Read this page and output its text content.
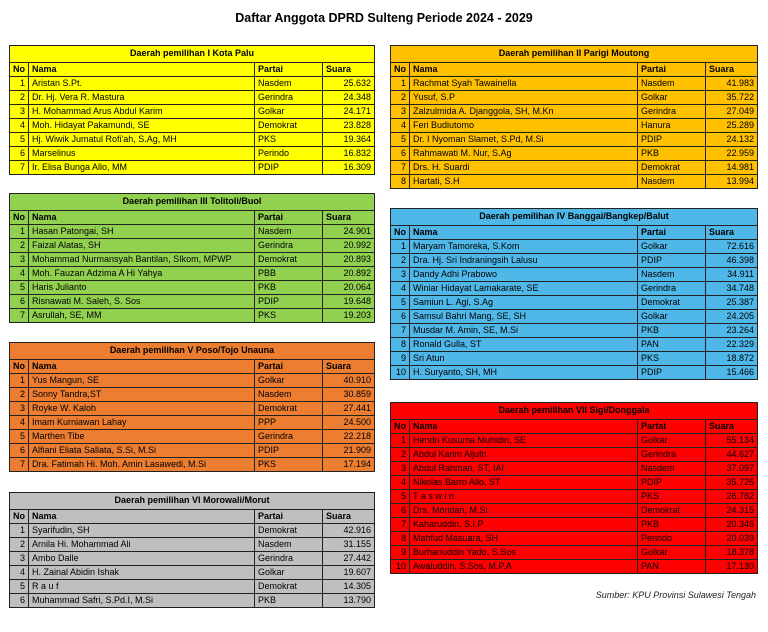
Daftar Anggota DPRD Sulteng Periode 2024 - 2029
Daerah pemilihan I Kota Palu			
No	Nama	Partai	Suara
1	Aristan S.Pt.	Nasdem	25.632
2	Dr. Hj. Vera R. Mastura	Gerindra	24.348
3	H. Mohammad Arus Abdul Karim	Golkar	24.171
4	Moh. Hidayat Pakamundi, SE	Demokrat	23.828
5	Hj. Wiwik Jumatul Rofi'ah, S.Ag, MH	PKS	19.364
6	Marselinus	Perindo	16.832
7	Ir. Elisa Bunga Allo, MM	PDIP	16.309
Daerah pemilihan II Parigi Moutong			
No	Nama	Partai	Suara
1	Rachmat Syah Tawainella	Nasdem	41.983
2	Yusuf, S.P	Golkar	35.722
3	Zalzulmida A. Djanggola, SH, M.Kn	Gerindra	27.049
4	Feri Budiutomo	Hanura	25.289
5	Dr. I Nyoman Slamet, S.Pd, M.Si	PDIP	24.132
6	Rahmawati M. Nur, S.Ag	PKB	22.959
7	Drs. H. Suardi	Demokrat	14.981
8	Hartati, S.H	Nasdem	13.994
Daerah pemilihan III Tolitoli/Buol			
No	Nama	Partai	Suara
1	Hasan Patongai, SH	Nasdem	24.901
2	Faizal Alatas, SH	Gerindra	20.992
3	Mohammad Nurmansyah Bantilan, SIkom, MPWP	Demokrat	20.893
4	Moh. Fauzan Adzima A Hi Yahya	PBB	20.892
5	Haris Julianto	PKB	20.064
6	Risnawati M. Saleh, S. Sos	PDIP	19.648
7	Asrullah, SE, MM	PKS	19.203
Daerah pemilihan IV Banggai/Bangkep/Balut			
No	Nama	Partai	Suara
1	Maryam Tamoreka, S.Kom	Golkar	72.616
2	Dra. Hj. Sri Indraningsih Lalusu	PDIP	46.398
3	Dandy Adhi Prabowo	Nasdem	34.911
4	Winiar Hidayat Lamakarate, SE	Gerindra	34.748
5	Samiun L. Agi, S.Ag	Demokrat	25.387
6	Samsul Bahri Mang, SE, SH	Golkar	24.205
7	Musdar M. Amin, SE, M.Si	PKB	23.264
8	Ronald Gulla, ST	PAN	22.329
9	Sri Atun	PKS	18.872
10	H. Suryanto, SH, MH	PDIP	15.466
Daerah pemilihan V Poso/Tojo Unauna			
No	Nama	Partai	Suara
1	Yus Mangun, SE	Golkar	40.910
2	Sonny Tandra,ST	Nasdem	30.859
3	Royke W. Kaloh	Demokrat	27.441
4	Imam Kurniawan Lahay	PPP	24.500
5	Marthen Tibe	Gerindra	22.218
6	Alfiani Eliata Sallata, S.Si, M.Si	PDIP	21.909
7	Dra. Fatimah Hi. Moh. Amin Lasawedi, M.Si	PKS	17.194
Daerah pemilihan VI Morowali/Morut			
No	Nama	Partai	Suara
1	Syarifudin, SH	Demokrat	42.916
2	Arnila Hi. Mohammad Ali	Nasdem	31.155
3	Ambo Dalle	Gerindra	27.442
4	H. Zainal Abidin Ishak	Golkar	19.607
5	R a u f	Demokrat	14.305
6	Muhammad Safri, S.Pd.I, M.Si	PKB	13.790
Daerah pemilihan VII Sigi/Donggala			
No	Nama	Partai	Suara
1	Hendri Kusuma Muhidin, SE	Golkar	55.134
2	Abdul Karim Aljufri	Gerindra	44.627
3	Abdul Rahman, ST, IAI	Nasdem	37.097
4	Nikolas Barro Allo, ST	PDIP	35.725
5	T a s w i n	PKS	26.782
6	Drs. Moridan, M.Si	Demokrat	24.315
7	Kaharuddin, S.I.P	PKB	20.346
8	Mahfud Masuara, SH	Perindo	20.039
9	Burhanuddin Yado, S.Sos	Golkar	18.378
10	Awaluddin, S.Sos, M.P.A	PAN	17.130
Sumber: KPU Provinsi Sulawesi Tengah
